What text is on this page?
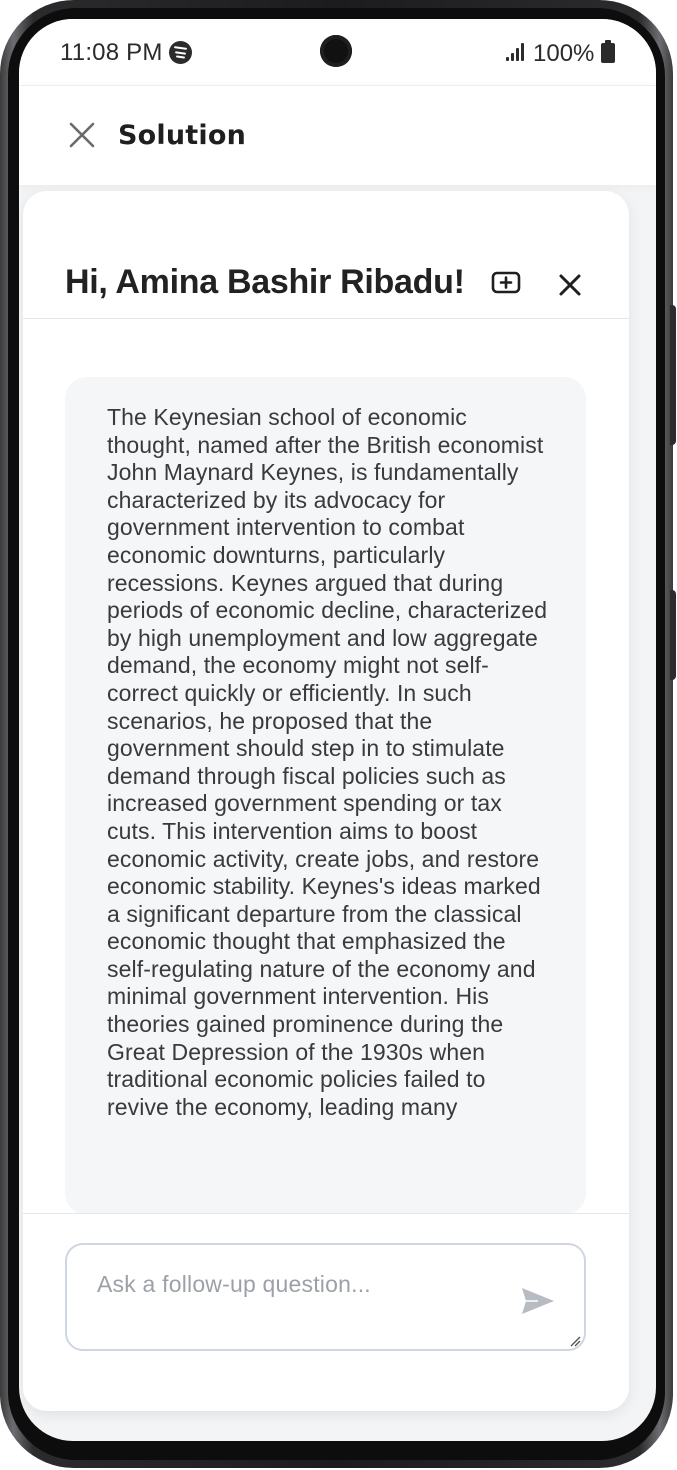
11:08 PM	100%
Solution
Hi, Amina Bashir Ribadu!

The Keynesian school of economic thought, named after the British economist John Maynard Keynes, is fundamentally characterized by its advocacy for government intervention to combat economic downturns, particularly recessions. Keynes argued that during periods of economic decline, characterized by high unemployment and low aggregate demand, the economy might not self-correct quickly or efficiently. In such scenarios, he proposed that the government should step in to stimulate demand through fiscal policies such as increased government spending or tax cuts. This intervention aims to boost economic activity, create jobs, and restore economic stability. Keynes's ideas marked a significant departure from the classical economic thought that emphasized the self-regulating nature of the economy and minimal government intervention. His theories gained prominence during the Great Depression of the 1930s when traditional economic policies failed to revive the economy, leading many

Ask a follow-up question...
